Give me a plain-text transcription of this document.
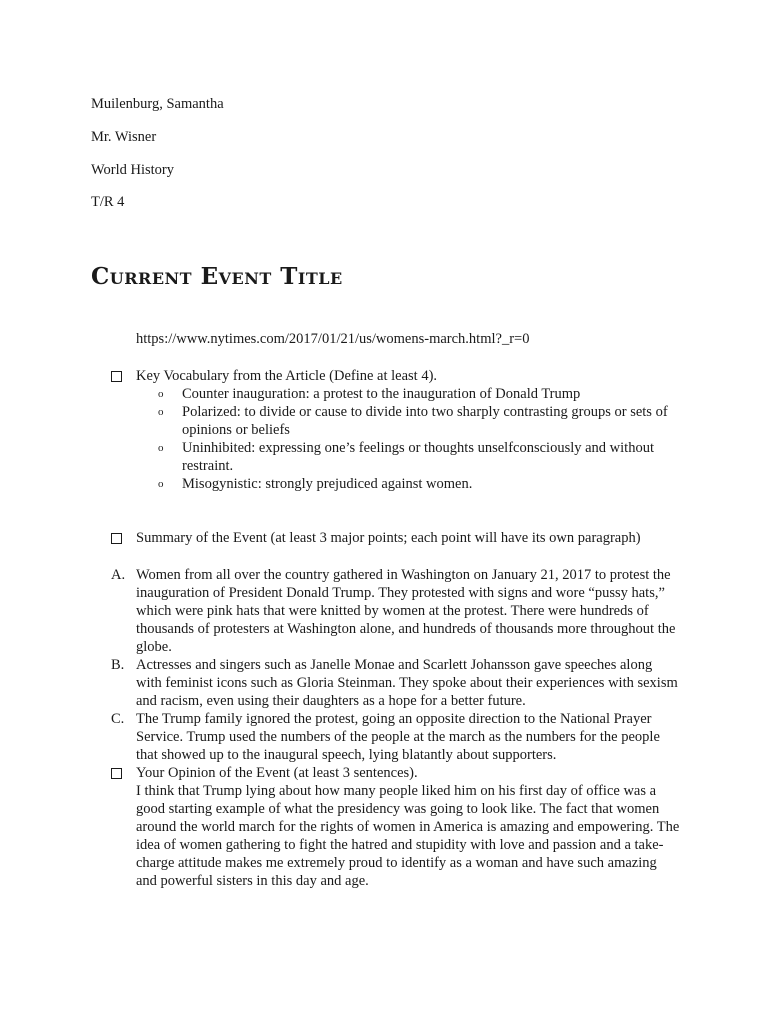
Muilenburg, Samantha

Mr. Wisner

World History

T/R 4

Current Event Title
https://www.nytimes.com/2017/01/21/us/womens-march.html?_r=0
Key Vocabulary from the Article (Define at least 4).
o Counter inauguration: a protest to the inauguration of Donald Trump
o Polarized: to divide or cause to divide into two sharply contrasting groups or sets of opinions or beliefs
o Uninhibited: expressing one’s feelings or thoughts unselfconsciously and without restraint.
o Misogynistic: strongly prejudiced against women.
Summary of the Event (at least 3 major points; each point will have its own paragraph)
A. Women from all over the country gathered in Washington on January 21, 2017 to protest the inauguration of President Donald Trump. They protested with signs and wore “pussy hats,” which were pink hats that were knitted by women at the protest. There were hundreds of thousands of protesters at Washington alone, and hundreds of thousands more throughout the globe.
B. Actresses and singers such as Janelle Monae and Scarlett Johansson gave speeches along with feminist icons such as Gloria Steinman. They spoke about their experiences with sexism and racism, even using their daughters as a hope for a better future.
C. The Trump family ignored the protest, going an opposite direction to the National Prayer Service. Trump used the numbers of the people at the march as the numbers for the people that showed up to the inaugural speech, lying blatantly about supporters.
Your Opinion of the Event (at least 3 sentences).
I think that Trump lying about how many people liked him on his first day of office was a good starting example of what the presidency was going to look like. The fact that women around the world march for the rights of women in America is amazing and empowering. The idea of women gathering to fight the hatred and stupidity with love and passion and a take-charge attitude makes me extremely proud to identify as a woman and have such amazing and powerful sisters in this day and age.
